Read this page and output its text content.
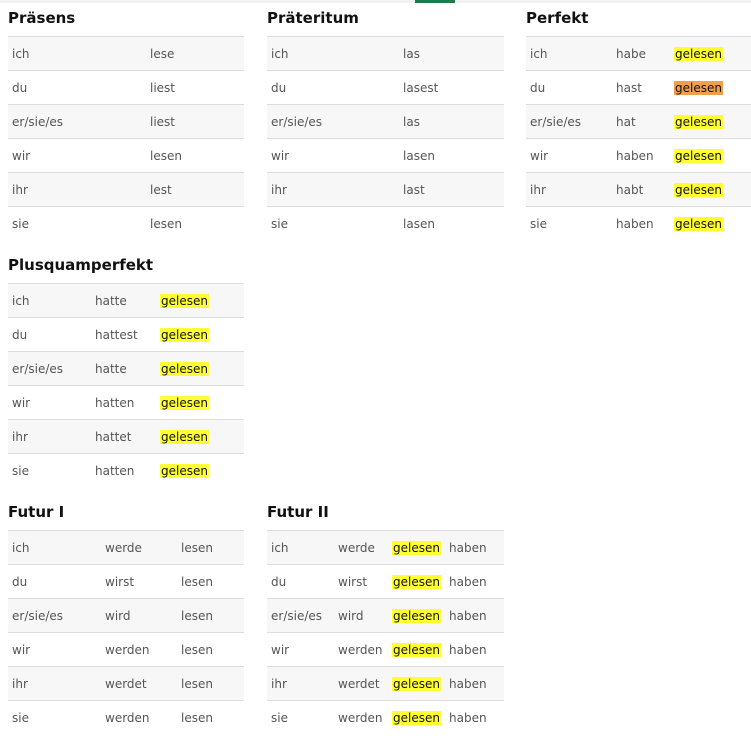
Präsens
ich	lese
du	liest
er/sie/es	liest
wir	lesen
ihr	lest
sie	lesen
Präteritum
ich	las
du	lasest
er/sie/es	las
wir	lasen
ihr	last
sie	lasen
Perfekt
ich	habe	gelesen
du	hast	gelesen
er/sie/es	hat	gelesen
wir	haben	gelesen
ihr	habt	gelesen
sie	haben	gelesen
Plusquamperfekt
ich	hatte	gelesen
du	hattest	gelesen
er/sie/es	hatte	gelesen
wir	hatten	gelesen
ihr	hattet	gelesen
sie	hatten	gelesen
Futur I
ich	werde	lesen
du	wirst	lesen
er/sie/es	wird	lesen
wir	werden	lesen
ihr	werdet	lesen
sie	werden	lesen
Futur II
ich	werde	gelesen	haben
du	wirst	gelesen	haben
er/sie/es	wird	gelesen	haben
wir	werden	gelesen	haben
ihr	werdet	gelesen	haben
sie	werden	gelesen	haben
